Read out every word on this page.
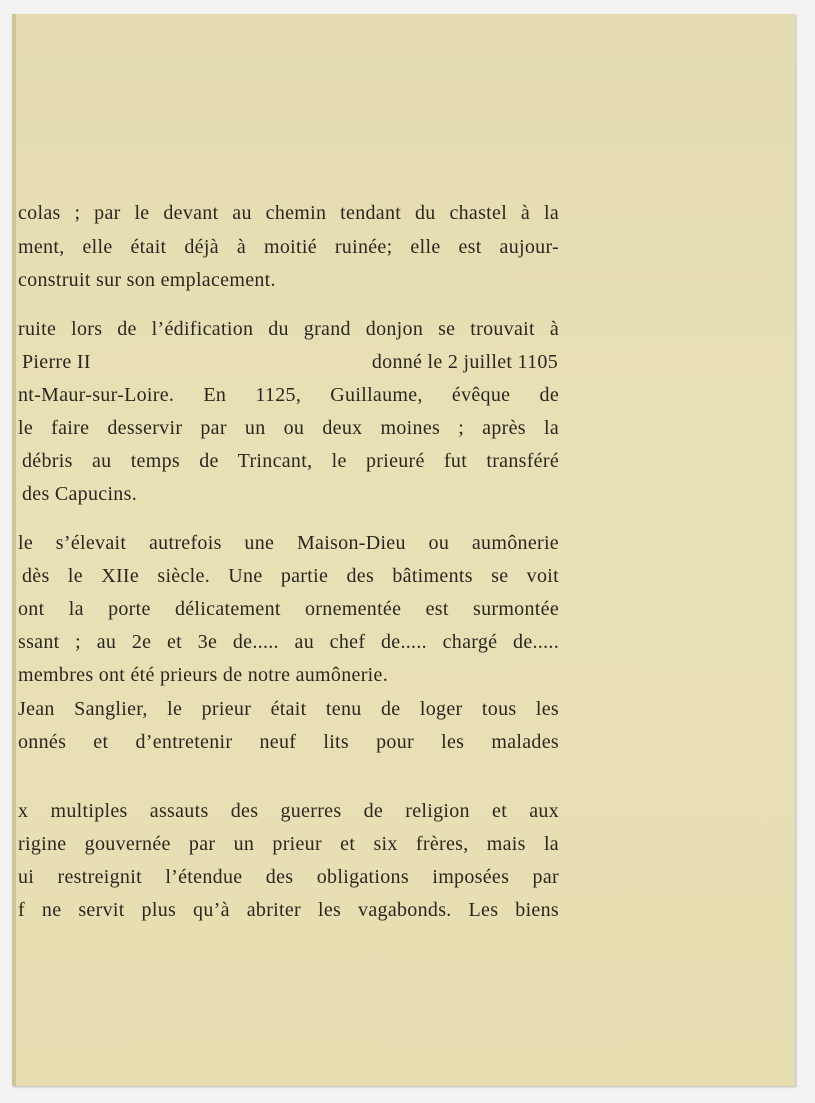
colas ; par le devant au chemin tendant du chastel à la
ment, elle était déjà à moitié ruinée; elle est aujour-
construit sur son emplacement.
ruite lors de l’édification du grand donjon se trouvait à
Pierre II	donné le 2 juillet 1105
nt-Maur-sur-Loire. En 1125, Guillaume, évêque de
le faire desservir par un ou deux moines ; après la
débris au temps de Trincant, le prieuré fut transféré
des Capucins.
le s’élevait autrefois une Maison-Dieu ou aumônerie
dès le XIIe siècle. Une partie des bâtiments se voit
ont la porte délicatement ornementée est surmontée
ssant ; au 2e et 3e de..... au chef de..... chargé de.....
membres ont été prieurs de notre aumônerie.
Jean Sanglier, le prieur était tenu de loger tous les
onnés et d’entretenir neuf lits pour les malades
x multiples assauts des guerres de religion et aux
rigine gouvernée par un prieur et six frères, mais la
ui restreignit l’étendue des obligations imposées par
f ne servit plus qu’à abriter les vagabonds. Les biens
